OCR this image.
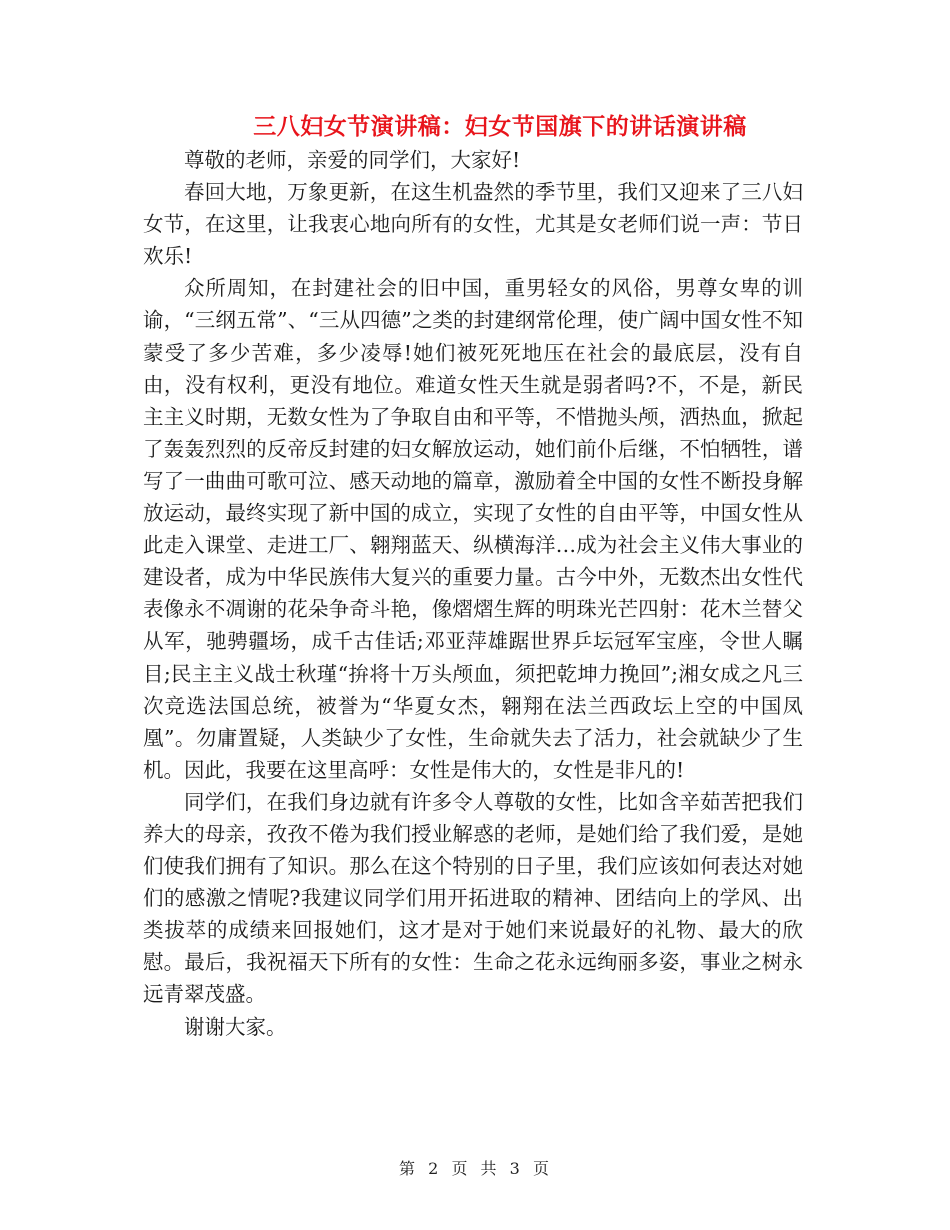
三八妇女节演讲稿：妇女节国旗下的讲话演讲稿

尊敬的老师，亲爱的同学们，大家好!

春回大地，万象更新，在这生机盎然的季节里，我们又迎来了三八妇女节，在这里，让我衷心地向所有的女性，尤其是女老师们说一声：节日欢乐!

众所周知，在封建社会的旧中国，重男轻女的风俗，男尊女卑的训谕，“三纲五常”、“三从四德”之类的封建纲常伦理，使广阔中国女性不知蒙受了多少苦难，多少凌辱!她们被死死地压在社会的最底层，没有自由，没有权利，更没有地位。难道女性天生就是弱者吗?不，不是，新民主主义时期，无数女性为了争取自由和平等，不惜抛头颅，洒热血，掀起了轰轰烈烈的反帝反封建的妇女解放运动，她们前仆后继，不怕牺牲，谱写了一曲曲可歌可泣、感天动地的篇章，激励着全中国的女性不断投身解放运动，最终实现了新中国的成立，实现了女性的自由平等，中国女性从此走入课堂、走进工厂、翱翔蓝天、纵横海洋…成为社会主义伟大事业的建设者，成为中华民族伟大复兴的重要力量。古今中外，无数杰出女性代表像永不凋谢的花朵争奇斗艳，像熠熠生辉的明珠光芒四射：花木兰替父从军，驰骋疆场，成千古佳话;邓亚萍雄踞世界乒坛冠军宝座，令世人瞩目;民主主义战士秋瑾“拚将十万头颅血，须把乾坤力挽回”;湘女成之凡三次竞选法国总统，被誉为“华夏女杰，翱翔在法兰西政坛上空的中国凤凰”。勿庸置疑，人类缺少了女性，生命就失去了活力，社会就缺少了生机。因此，我要在这里高呼：女性是伟大的，女性是非凡的!

同学们，在我们身边就有许多令人尊敬的女性，比如含辛茹苦把我们养大的母亲，孜孜不倦为我们授业解惑的老师，是她们给了我们爱，是她们使我们拥有了知识。那么在这个特别的日子里，我们应该如何表达对她们的感激之情呢?我建议同学们用开拓进取的精神、团结向上的学风、出类拔萃的成绩来回报她们，这才是对于她们来说最好的礼物、最大的欣慰。最后，我祝福天下所有的女性：生命之花永远绚丽多姿，事业之树永远青翠茂盛。

谢谢大家。

第 2 页 共 3 页
